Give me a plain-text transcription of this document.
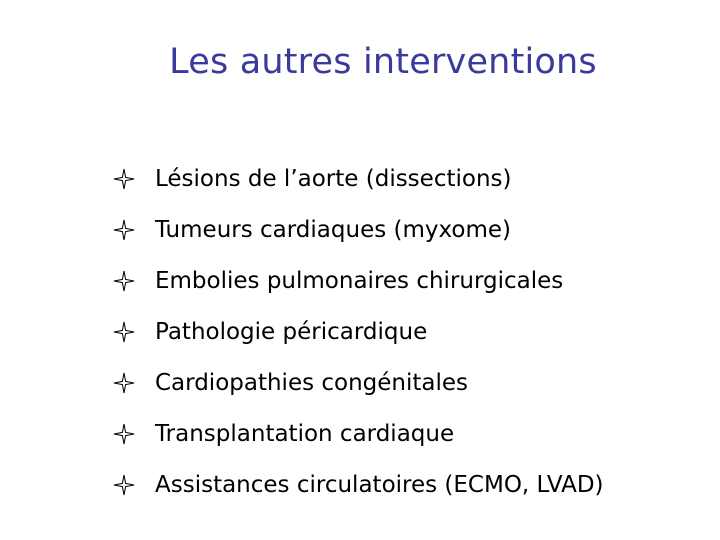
Les autres interventions
Lésions de l’aorte (dissections)
Tumeurs cardiaques (myxome)
Embolies pulmonaires chirurgicales
Pathologie péricardique
Cardiopathies congénitales
Transplantation cardiaque
Assistances circulatoires (ECMO, LVAD)
